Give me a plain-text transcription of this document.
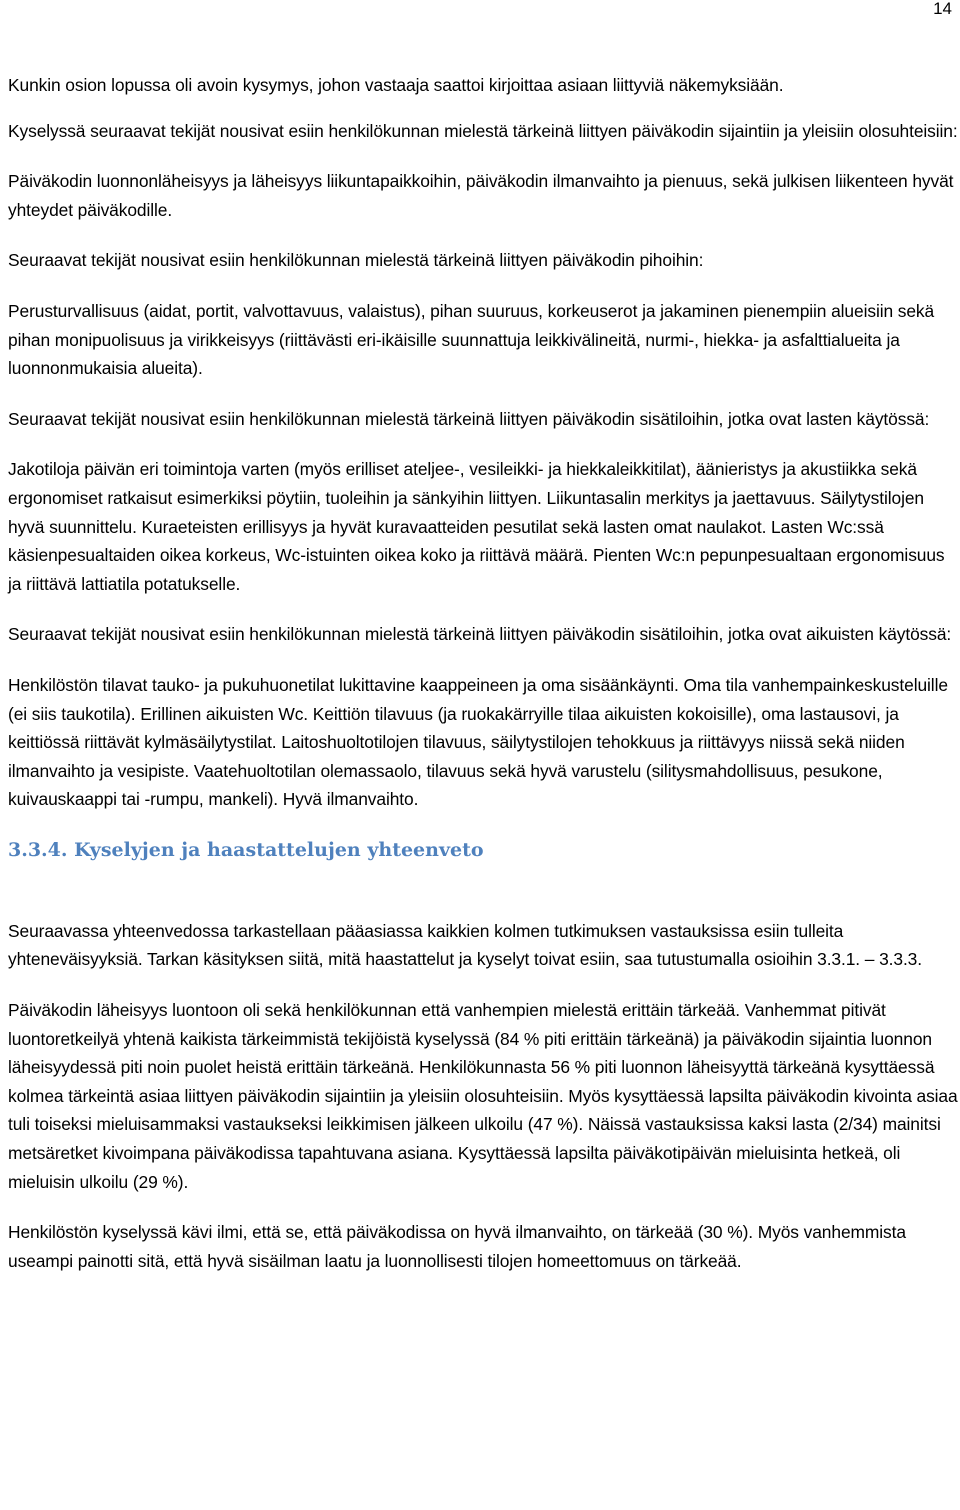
14

Kunkin osion lopussa oli avoin kysymys, johon vastaaja saattoi kirjoittaa asiaan liittyviä näkemyksiään.

Kyselyssä seuraavat tekijät nousivat esiin henkilökunnan mielestä tärkeinä liittyen päiväkodin sijaintiin ja yleisiin olosuhteisiin:

Päiväkodin luonnonläheisyys ja läheisyys liikuntapaikkoihin, päiväkodin ilmanvaihto ja pienuus, sekä julkisen liikenteen hyvät yhteydet päiväkodille.

Seuraavat tekijät nousivat esiin henkilökunnan mielestä tärkeinä liittyen päiväkodin pihoihin:

Perusturvallisuus (aidat, portit, valvottavuus, valaistus), pihan suuruus, korkeuserot ja jakaminen pienempiin alueisiin sekä pihan monipuolisuus ja virikkeisyys (riittävästi eri-ikäisille suunnattuja leikkivälineitä, nurmi-, hiekka- ja asfalttialueita ja luonnonmukaisia alueita).

Seuraavat tekijät nousivat esiin henkilökunnan mielestä tärkeinä liittyen päiväkodin sisätiloihin, jotka ovat lasten käytössä:

Jakotiloja päivän eri toimintoja varten (myös erilliset ateljee-, vesileikki- ja hiekkaleikkitilat), äänieristys ja akustiikka sekä ergonomiset ratkaisut esimerkiksi pöytiin, tuoleihin ja sänkyihin liittyen. Liikuntasalin merkitys ja jaettavuus. Säilytystilojen hyvä suunnittelu. Kuraeteisten erillisyys ja hyvät kuravaatteiden pesutilat sekä lasten omat naulakot. Lasten Wc:ssä käsienpesualtaiden oikea korkeus, Wc-istuinten oikea koko ja riittävä määrä. Pienten Wc:n pepunpesualtaan ergonomisuus ja riittävä lattiatila potatukselle.

Seuraavat tekijät nousivat esiin henkilökunnan mielestä tärkeinä liittyen päiväkodin sisätiloihin, jotka ovat aikuisten käytössä:

Henkilöstön tilavat tauko- ja pukuhuonetilat lukittavine kaappeineen ja oma sisäänkäynti. Oma tila vanhempainkeskusteluille (ei siis taukotila). Erillinen aikuisten Wc. Keittiön tilavuus (ja ruokakärryille tilaa aikuisten kokoisille), oma lastausovi, ja keittiössä riittävät kylmäsäilytystilat. Laitoshuoltotilojen tilavuus, säilytystilojen tehokkuus ja riittävyys niissä sekä niiden ilmanvaihto ja vesipiste. Vaatehuoltotilan olemassaolo, tilavuus sekä hyvä varustelu (silitysmahdollisuus, pesukone, kuivauskaappi tai -rumpu, mankeli). Hyvä ilmanvaihto.

3.3.4. Kyselyjen ja haastattelujen yhteenveto

Seuraavassa yhteenvedossa tarkastellaan pääasiassa kaikkien kolmen tutkimuksen vastauksissa esiin tulleita yhteneväisyyksiä. Tarkan käsityksen siitä, mitä haastattelut ja kyselyt toivat esiin, saa tutustumalla osioihin 3.3.1. – 3.3.3.

Päiväkodin läheisyys luontoon oli sekä henkilökunnan että vanhempien mielestä erittäin tärkeää. Vanhemmat pitivät luontoretkeilyä yhtenä kaikista tärkeimmistä tekijöistä kyselyssä (84 % piti erittäin tärkeänä) ja päiväkodin sijaintia luonnon läheisyydessä piti noin puolet heistä erittäin tärkeänä. Henkilökunnasta 56 % piti luonnon läheisyyttä tärkeänä kysyttäessä kolmea tärkeintä asiaa liittyen päiväkodin sijaintiin ja yleisiin olosuhteisiin. Myös kysyttäessä lapsilta päiväkodin kivointa asiaa tuli toiseksi mieluisammaksi vastaukseksi leikkimisen jälkeen ulkoilu (47 %). Näissä vastauksissa kaksi lasta (2/34) mainitsi metsäretket kivoimpana päiväkodissa tapahtuvana asiana. Kysyttäessä lapsilta päiväkotipäivän mieluisinta hetkeä, oli mieluisin ulkoilu (29 %).

Henkilöstön kyselyssä kävi ilmi, että se, että päiväkodissa on hyvä ilmanvaihto, on tärkeää (30 %). Myös vanhemmista useampi painotti sitä, että hyvä sisäilman laatu ja luonnollisesti tilojen homeettomuus on tärkeää.
